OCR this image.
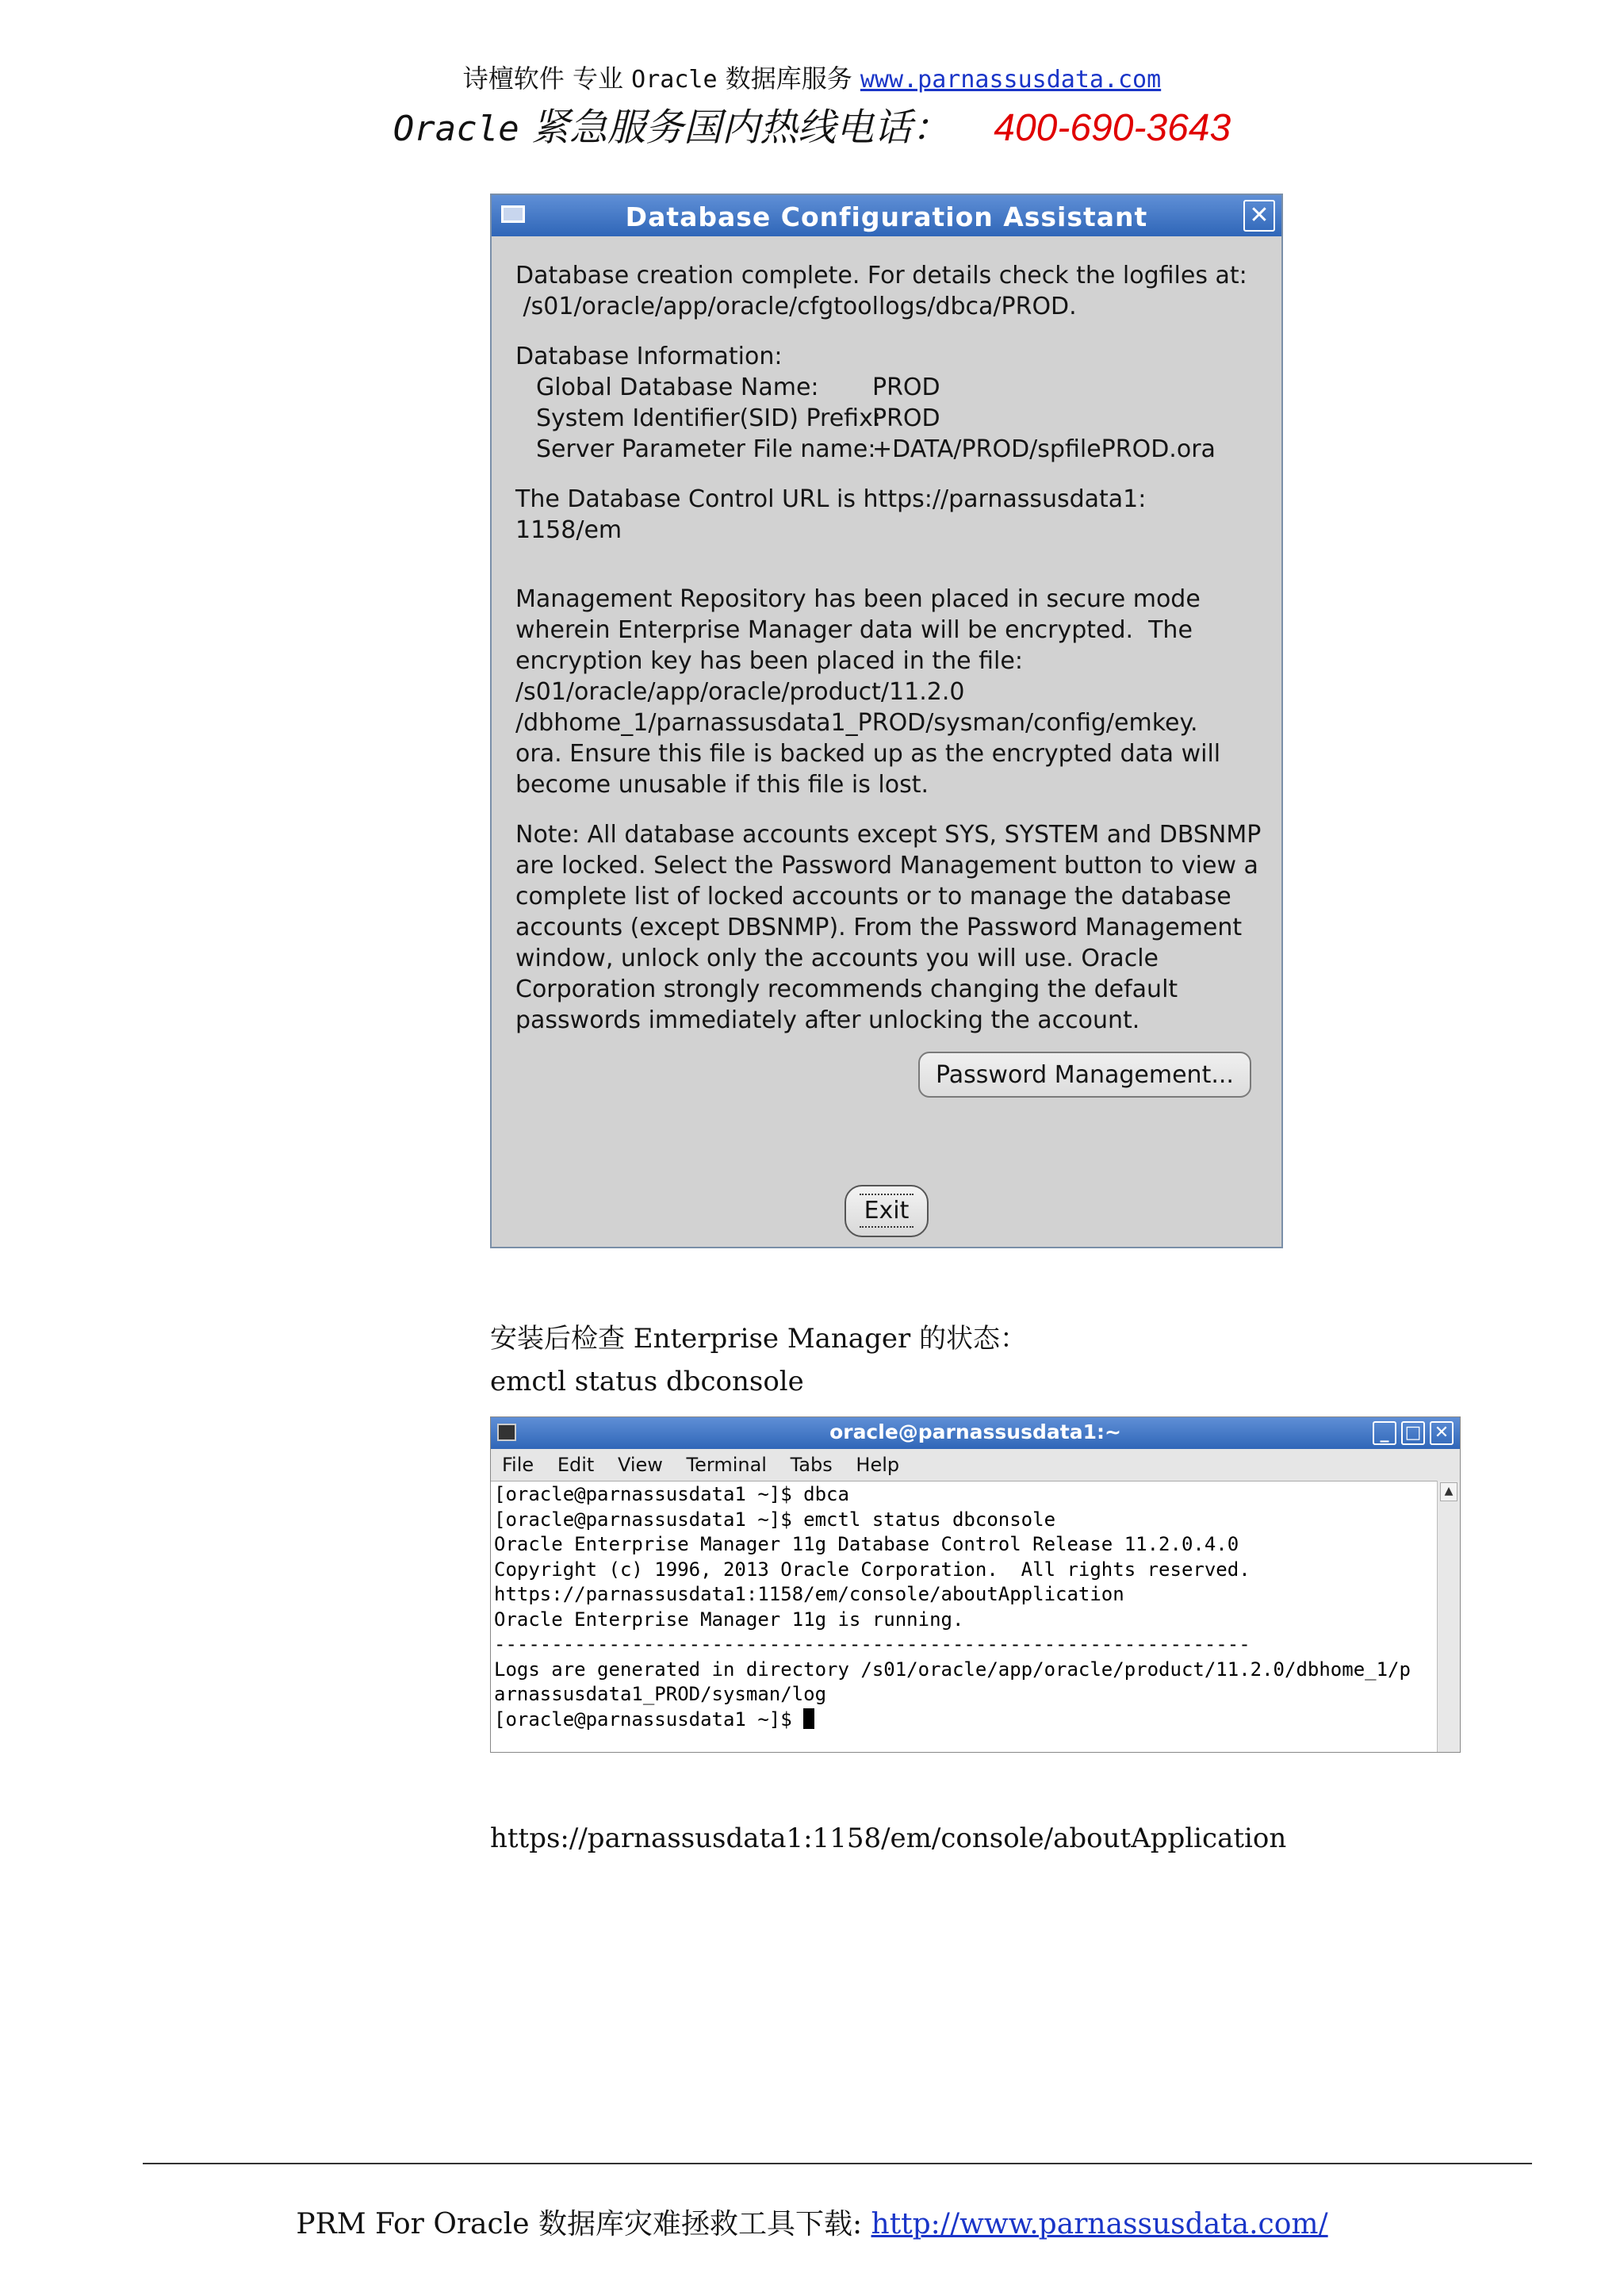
诗檀软件 专业 Oracle 数据库服务 www.parnassusdata.com
Oracle 紧急服务国内热线电话： 400-690-3643
Database Configuration Assistant	✕

Database creation complete. For details check the logfiles at:

/s01/oracle/app/oracle/cfgtoollogs/dbca/PROD.

Database Information:

Global Database Name:	PROD
System Identifier(SID) Prefix:
PROD
Server Parameter File name:
+DATA/PROD/spfilePROD.ora

The Database Control URL is https://parnassusdata1:

1158/em

Management Repository has been placed in secure mode

wherein Enterprise Manager data will be encrypted.  The

encryption key has been placed in the file:

/s01/oracle/app/oracle/product/11.2.0

/dbhome_1/parnassusdata1_PROD/sysman/config/emkey.

ora. Ensure this file is backed up as the encrypted data will

become unusable if this file is lost.

Note: All database accounts except SYS, SYSTEM and DBSNMP

are locked. Select the Password Management button to view a

complete list of locked accounts or to manage the database

accounts (except DBSNMP). From the Password Management

window, unlock only the accounts you will use. Oracle

Corporation strongly recommends changing the default

passwords immediately after unlocking the account.

Password Management...
Exit
安装后检查 Enterprise Manager 的状态：
emctl status dbconsole
oracle@parnassusdata1:~	_ □ ✕
File Edit View Terminal Tabs Help
[oracle@parnassusdata1 ~]$ dbca
[oracle@parnassusdata1 ~]$ emctl status dbconsole
Oracle Enterprise Manager 11g Database Control Release 11.2.0.4.0
Copyright (c) 1996, 2013 Oracle Corporation.  All rights reserved.
https://parnassusdata1:1158/em/console/aboutApplication
Oracle Enterprise Manager 11g is running.
------------------------------------------------------------------
Logs are generated in directory /s01/oracle/app/oracle/product/11.2.0/dbhome_1/p
arnassusdata1_PROD/sysman/log
[oracle@parnassusdata1 ~]$
▲
https://parnassusdata1:1158/em/console/aboutApplication
PRM For Oracle 数据库灾难拯救工具下载: http://www.parnassusdata.com/
